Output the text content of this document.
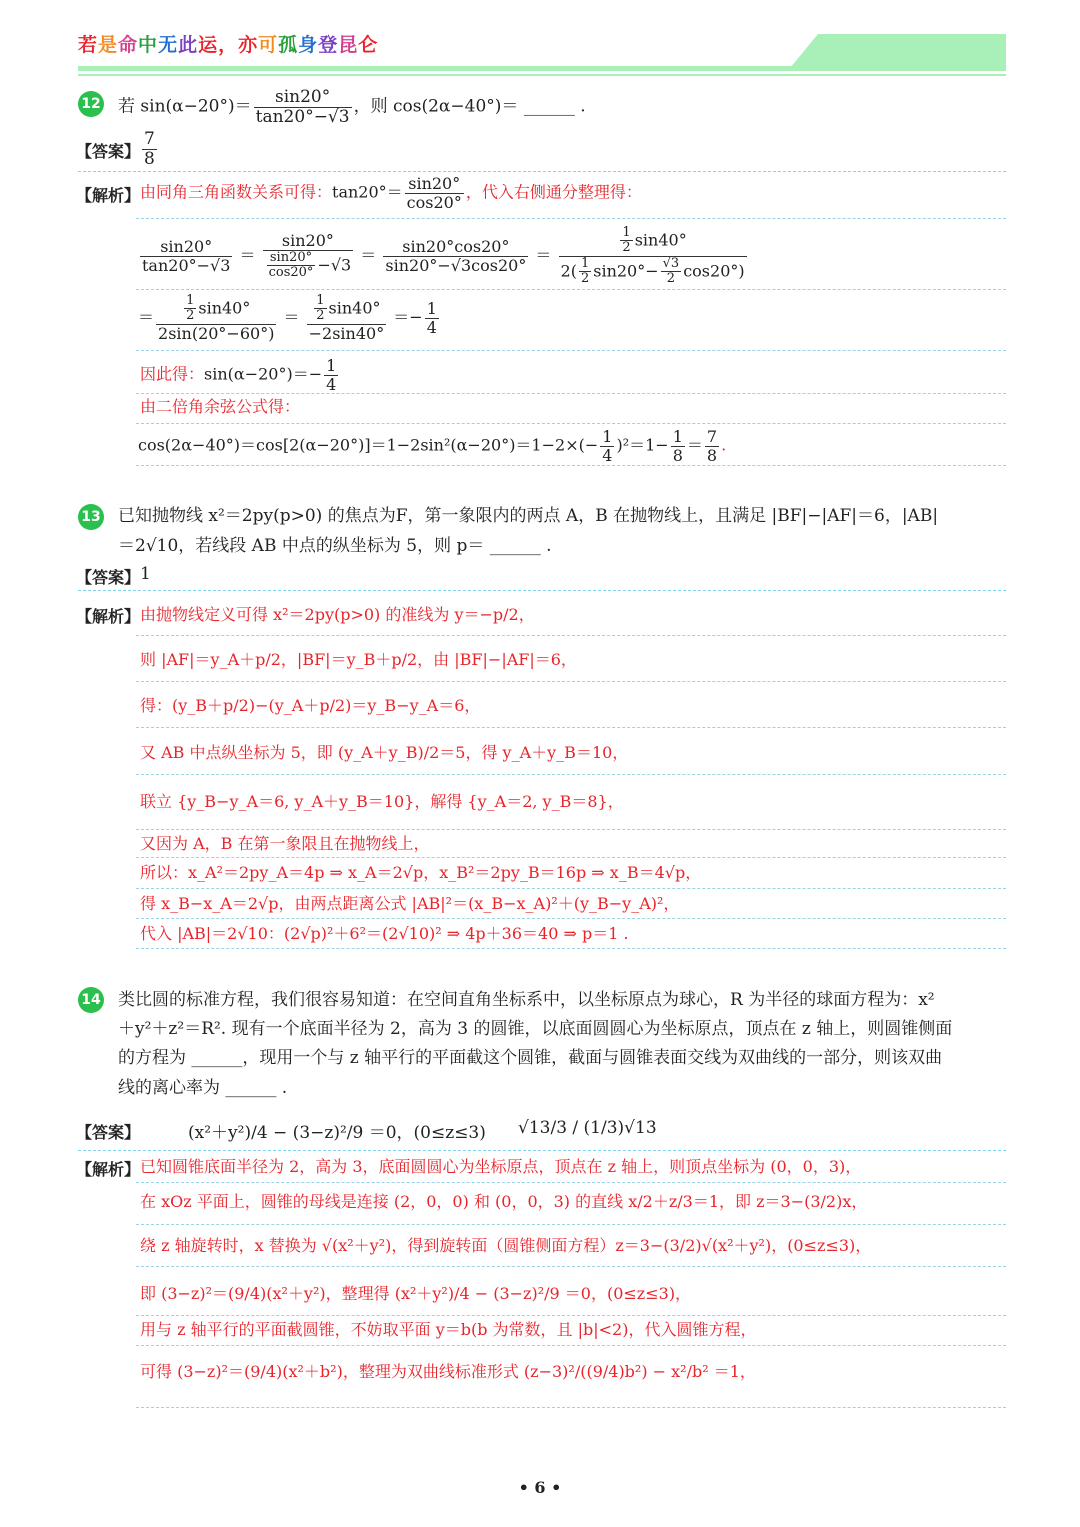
若是命中无此运，亦可孤身登昆仑
12 若 $\sin(\alpha-20^\circ)= \frac{\sin 20^\circ}{\tan 20^\circ-√3}$ ，则 cos(2α−40°)＝ ______ .
【答案】 $\frac{7}{8}$
【解析】 由同角三角函数关系可得：$\tan 20^\circ= \frac{\sin 20^\circ}{\cos 20^\circ}$ ，代入右侧通分整理得：
$\frac{\sin 20^\circ}{\tan 20^\circ-√3} = \frac{\sin 20^\circ}{\frac{\sin 20^\circ}{\cos 20^\circ} -√3} = \frac{\sin 20^\circ\cos 20^\circ}{\sin 20^\circ-√3\cos 20^\circ} = \frac{\frac{1}{2} \sin 40^\circ}{2( \frac{1}{2} \sin 20^\circ- \frac{√3}{2} \cos 20^\circ)}$
＝ $\frac{\frac{1}{2} \sin 40^\circ}{2\sin(20^\circ-60^\circ)} = \frac{\frac{1}{2} \sin 40^\circ}{-2\sin 40^\circ} =- \frac{1}{4}$
因此得：$\sin(\alpha-20^\circ)=- \frac{1}{4}$
由二倍角余弦公式得：
$\cos(2\alpha-40^\circ)=\cos[2(\alpha-20^\circ)]=1-2\sin^2(\alpha-20^\circ)=1-2\times(- \frac{1}{4} )^2=1- \frac{1}{8} = \frac{7}{8}$ .
13 已知抛物线 x²＝2py(p>0) 的焦点为F，第一象限内的两点 A，B 在抛物线上，且满足 |BF|−|AF|＝6，|AB|
＝2√10，若线段 AB 中点的纵坐标为 5，则 p＝ ______ .
【答案】 1
【解析】 由抛物线定义可得 x²＝2py(p>0) 的准线为 y＝−p/2，
则 |AF|＝y_A＋p/2，|BF|＝y_B＋p/2，由 |BF|−|AF|＝6，
得：(y_B＋p/2)−(y_A＋p/2)＝y_B−y_A＝6，
又 AB 中点纵坐标为 5，即 (y_A＋y_B)/2＝5，得 y_A＋y_B＝10，
联立 {y_B−y_A＝6, y_A＋y_B＝10}，解得 {y_A＝2, y_B＝8}，
又因为 A，B 在第一象限且在抛物线上，
所以：x_A²＝2py_A＝4p ⇒ x_A＝2√p，x_B²＝2py_B＝16p ⇒ x_B＝4√p，
得 x_B−x_A＝2√p，由两点距离公式 |AB|²＝(x_B−x_A)²＋(y_B−y_A)²，
代入 |AB|＝2√10：(2√p)²＋6²＝(2√10)² ⇒ 4p＋36＝40 ⇒ p＝1 .
14 类比圆的标准方程，我们很容易知道：在空间直角坐标系中，以坐标原点为球心，R 为半径的球面方程为：x²
＋y²＋z²＝R². 现有一个底面半径为 2，高为 3 的圆锥，以底面圆圆心为坐标原点，顶点在 z 轴上，则圆锥侧面
的方程为 ______，现用一个与 z 轴平行的平面截这个圆锥，截面与圆锥表面交线为双曲线的一部分，则该双曲
线的离心率为 ______ .
【答案】	(x²＋y²)/4 − (3−z)²/9 ＝0，(0≤z≤3) √13/3 / (1/3)√13
【解析】 已知圆锥底面半径为 2，高为 3，底面圆圆心为坐标原点，顶点在 z 轴上，则顶点坐标为 (0，0，3)，
在 xOz 平面上，圆锥的母线是连接 (2，0，0) 和 (0，0，3) 的直线 x/2＋z/3＝1，即 z＝3−(3/2)x，
绕 z 轴旋转时，x 替换为 √(x²＋y²)，得到旋转面（圆锥侧面方程）z＝3−(3/2)√(x²＋y²)，(0≤z≤3)，
即 (3−z)²＝(9/4)(x²＋y²)，整理得 (x²＋y²)/4 − (3−z)²/9 ＝0，(0≤z≤3)，
用与 z 轴平行的平面截圆锥，不妨取平面 y＝b(b 为常数，且 |b|<2)，代入圆锥方程，
可得 (3−z)²＝(9/4)(x²＋b²)，整理为双曲线标准形式 (z−3)²/((9/4)b²) − x²/b² ＝1，
• 6 •
